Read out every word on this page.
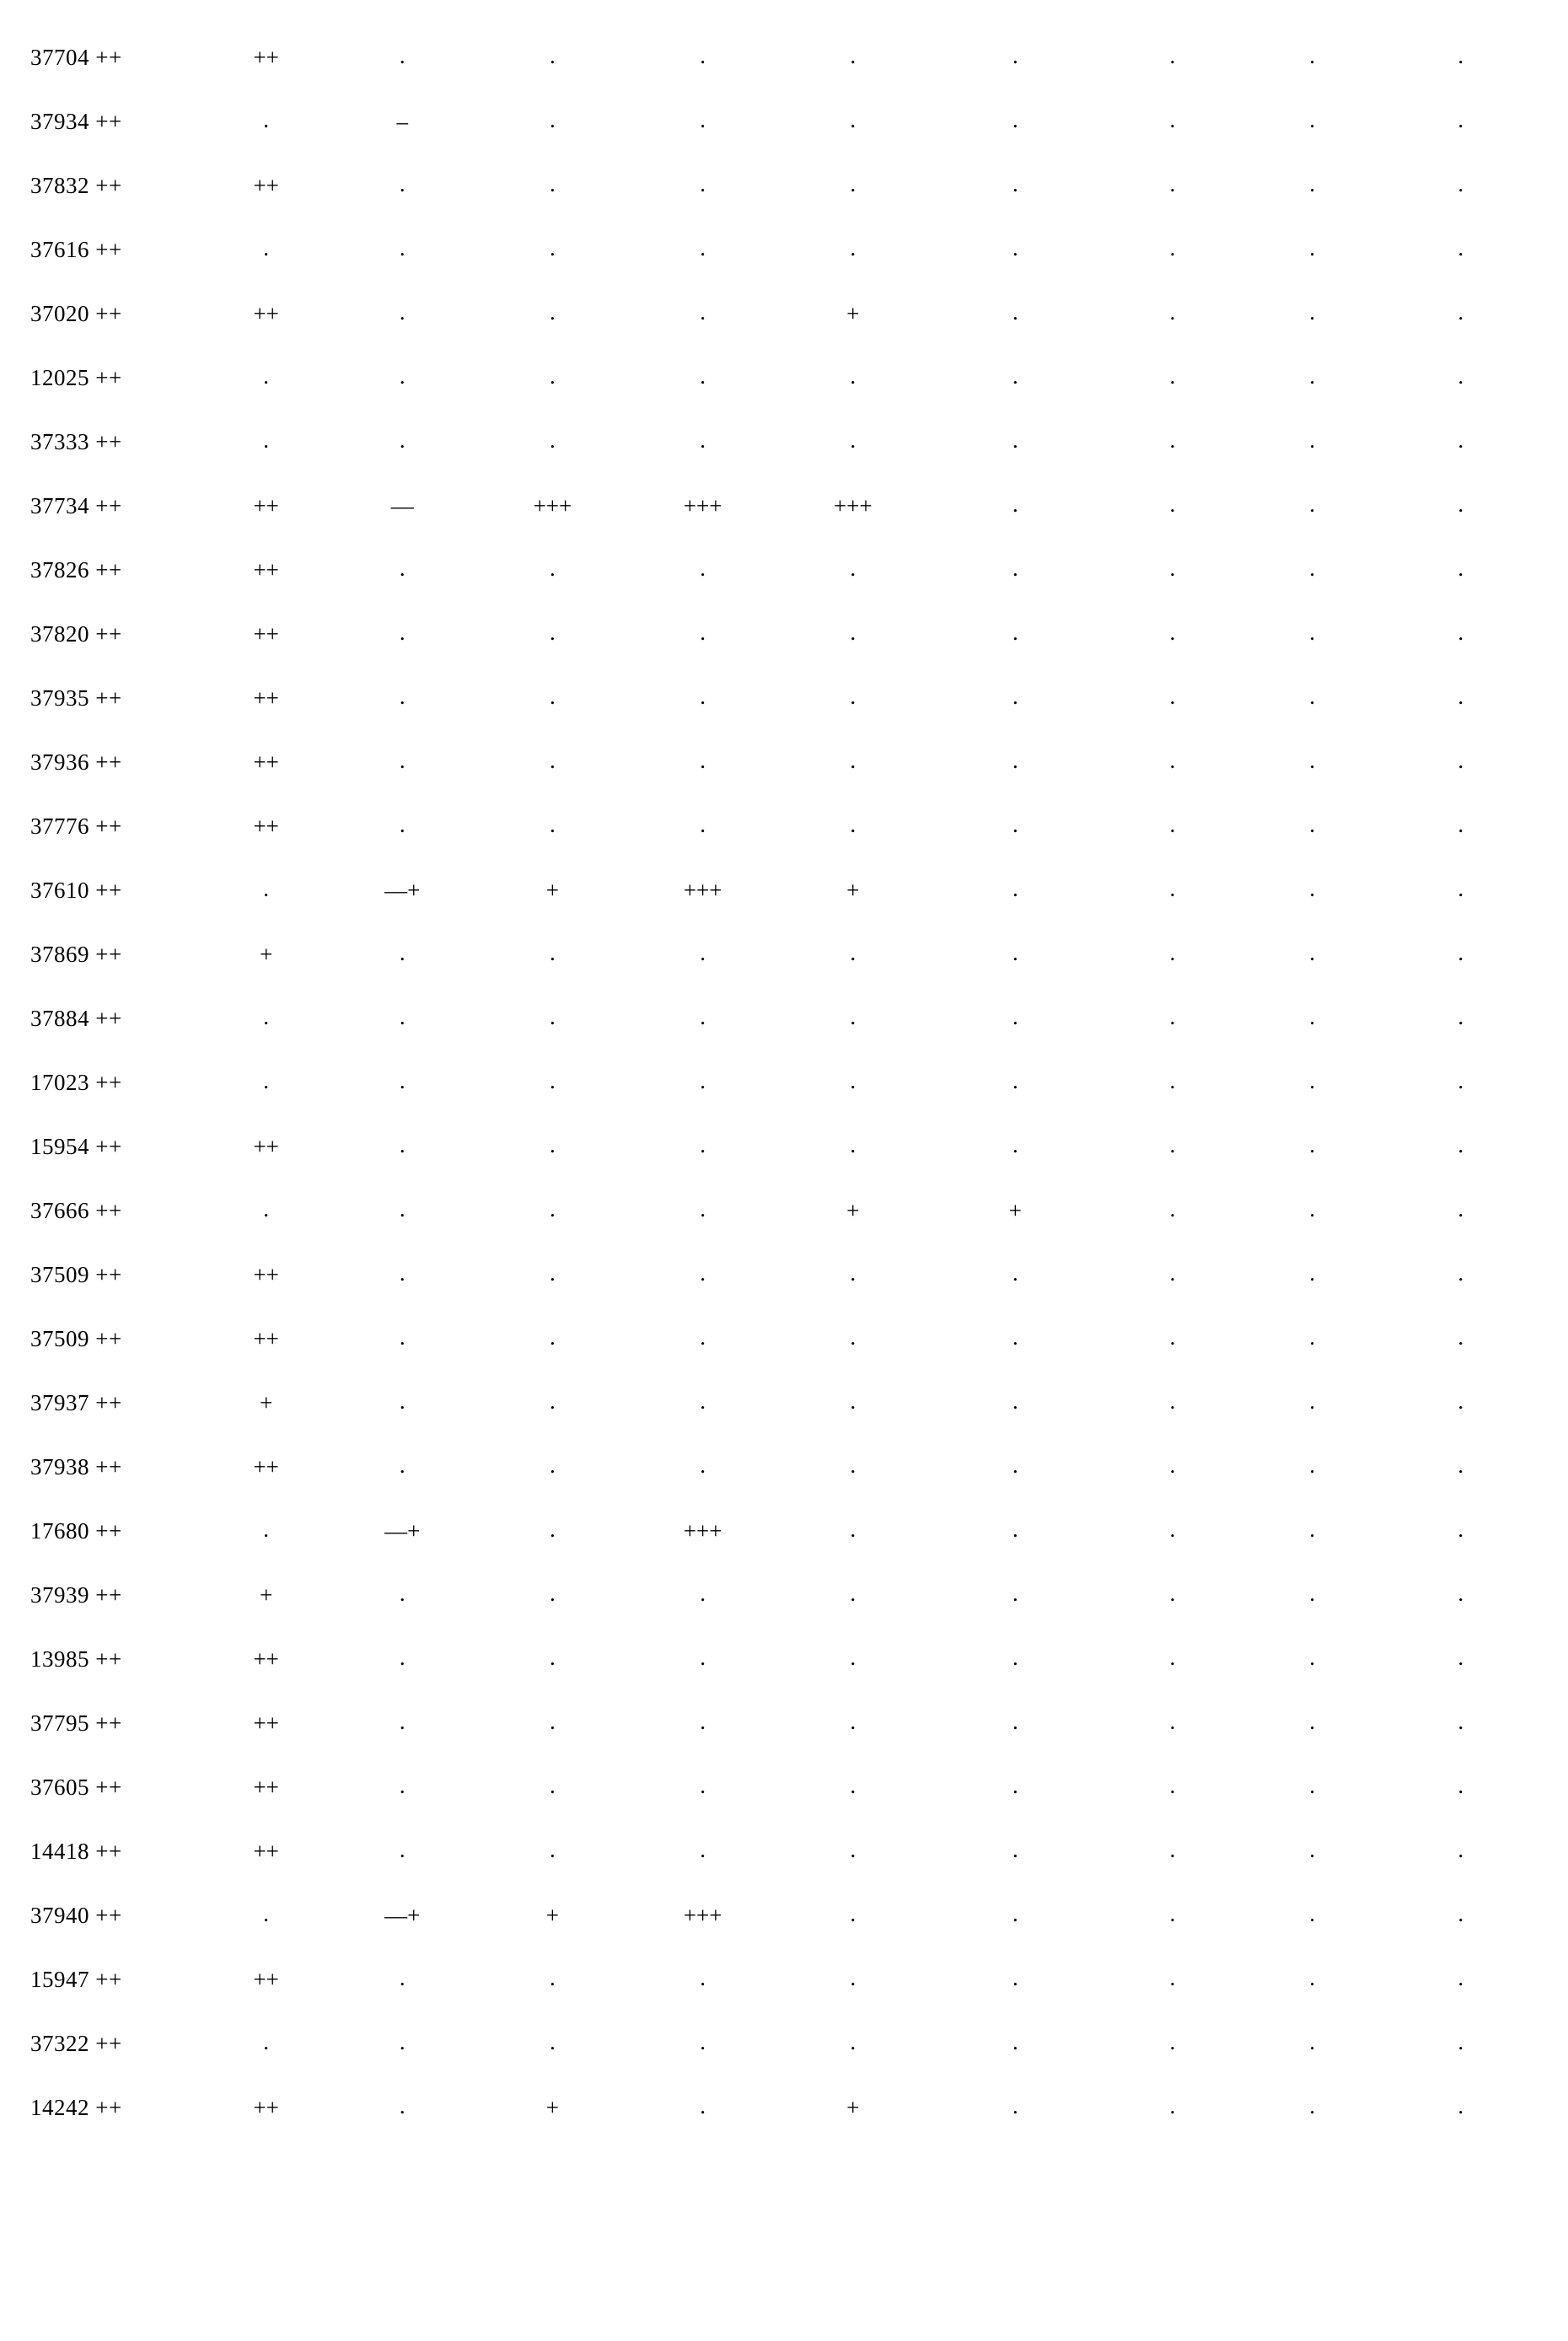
37704 ++	++	.	.	.	.	.	.	.	.
37934 ++	.	–	.	.	.	.	.	.	.
37832 ++	++	.	.	.	.	.	.	.	.
37616 ++	.	.	.	.	.	.	.	.	.
37020 ++	++	.	.	.	+	.	.	.	.
12025 ++	.	.	.	.	.	.	.	.	.
37333 ++	.	.	.	.	.	.	.	.	.
37734 ++	++	––	+++	+++	+++	.	.	.	.
37826 ++	++	.	.	.	.	.	.	.	.
37820 ++	++	.	.	.	.	.	.	.	.
37935 ++	++	.	.	.	.	.	.	.	.
37936 ++	++	.	.	.	.	.	.	.	.
37776 ++	++	.	.	.	.	.	.	.	.
37610 ++	.	––+	+	+++	+	.	.	.	.
37869 ++	+	.	.	.	.	.	.	.	.
37884 ++	.	.	.	.	.	.	.	.	.
17023 ++	.	.	.	.	.	.	.	.	.
15954 ++	++	.	.	.	.	.	.	.	.
37666 ++	.	.	.	.	+	+	.	.	.
37509 ++	++	.	.	.	.	.	.	.	.
37509 ++	++	.	.	.	.	.	.	.	.
37937 ++	+	.	.	.	.	.	.	.	.
37938 ++	++	.	.	.	.	.	.	.	.
17680 ++	.	––+	.	+++	.	.	.	.	.
37939 ++	+	.	.	.	.	.	.	.	.
13985 ++	++	.	.	.	.	.	.	.	.
37795 ++	++	.	.	.	.	.	.	.	.
37605 ++	++	.	.	.	.	.	.	.	.
14418 ++	++	.	.	.	.	.	.	.	.
37940 ++	.	––+	+	+++	.	.	.	.	.
15947 ++	++	.	.	.	.	.	.	.	.
37322 ++	.	.	.	.	.	.	.	.	.
14242 ++	++	.	+	.	+	.	.	.	.
